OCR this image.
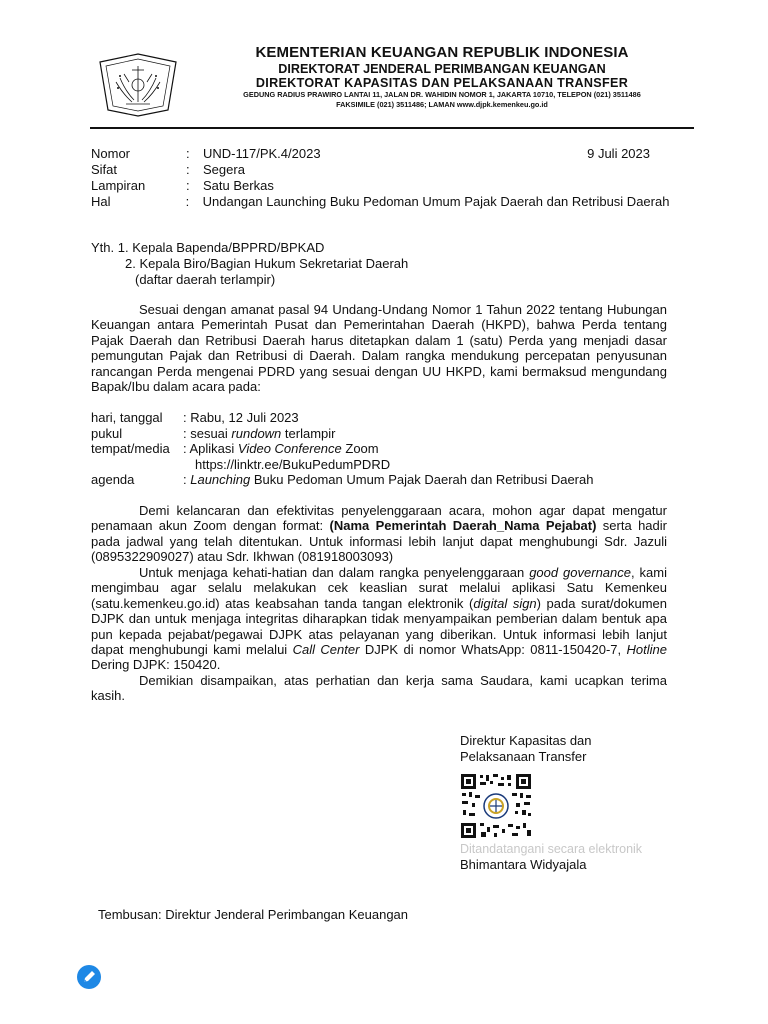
KEMENTERIAN KEUANGAN REPUBLIK INDONESIA
DIREKTORAT JENDERAL PERIMBANGAN KEUANGAN
DIREKTORAT KAPASITAS DAN PELAKSANAAN TRANSFER
GEDUNG RADIUS PRAWIRO LANTAI 11, JALAN DR. WAHIDIN NOMOR 1, JAKARTA 10710, TELEPON (021) 3511486
FAKSIMILE (021) 3511486; LAMAN www.djpk.kemenkeu.go.id
Nomor	:	UND-117/PK.4/2023	9 Juli 2023
Sifat	:	Segera
Lampiran	:	Satu Berkas
Hal	:	Undangan Launching Buku Pedoman Umum Pajak Daerah dan Retribusi Daerah
Yth. 1. Kepala Bapenda/BPPRD/BPKAD
2. Kepala Biro/Bagian Hukum Sekretariat Daerah
(daftar daerah terlampir)
Sesuai dengan amanat pasal 94 Undang-Undang Nomor 1 Tahun 2022 tentang Hubungan Keuangan antara Pemerintah Pusat dan Pemerintahan Daerah (HKPD), bahwa Perda tentang Pajak Daerah dan Retribusi Daerah harus ditetapkan dalam 1 (satu) Perda yang menjadi dasar pemungutan Pajak dan Retribusi di Daerah. Dalam rangka mendukung percepatan penyusunan rancangan Perda mengenai PDRD yang sesuai dengan UU HKPD, kami bermaksud mengundang Bapak/Ibu dalam acara pada:
hari, tanggal	: Rabu, 12 Juli 2023
pukul	: sesuai rundown terlampir
tempat/media	: Aplikasi Video Conference Zoom
https://linktr.ee/BukuPedumPDRD
agenda	: Launching Buku Pedoman Umum Pajak Daerah dan Retribusi Daerah
Demi kelancaran dan efektivitas penyelenggaraan acara, mohon agar dapat mengatur penamaan akun Zoom dengan format: (Nama Pemerintah Daerah_Nama Pejabat) serta hadir pada jadwal yang telah ditentukan. Untuk informasi lebih lanjut dapat menghubungi Sdr. Jazuli (0895322909027) atau Sdr. Ikhwan (081918003093)
Untuk menjaga kehati-hatian dan dalam rangka penyelenggaraan good governance, kami mengimbau agar selalu melakukan cek keaslian surat melalui aplikasi Satu Kemenkeu (satu.kemenkeu.go.id) atas keabsahan tanda tangan elektronik (digital sign) pada surat/dokumen DJPK dan untuk menjaga integritas diharapkan tidak menyampaikan pemberian dalam bentuk apa pun kepada pejabat/pegawai DJPK atas pelayanan yang diberikan. Untuk informasi lebih lanjut dapat menghubungi kami melalui Call Center DJPK di nomor WhatsApp: 0811-150420-7, Hotline Dering DJPK: 150420.
Demikian disampaikan, atas perhatian dan kerja sama Saudara, kami ucapkan terima kasih.
Direktur Kapasitas dan
Pelaksanaan Transfer
Ditandatangani secara elektronik
Bhimantara Widyajala
Tembusan: Direktur Jenderal Perimbangan Keuangan
